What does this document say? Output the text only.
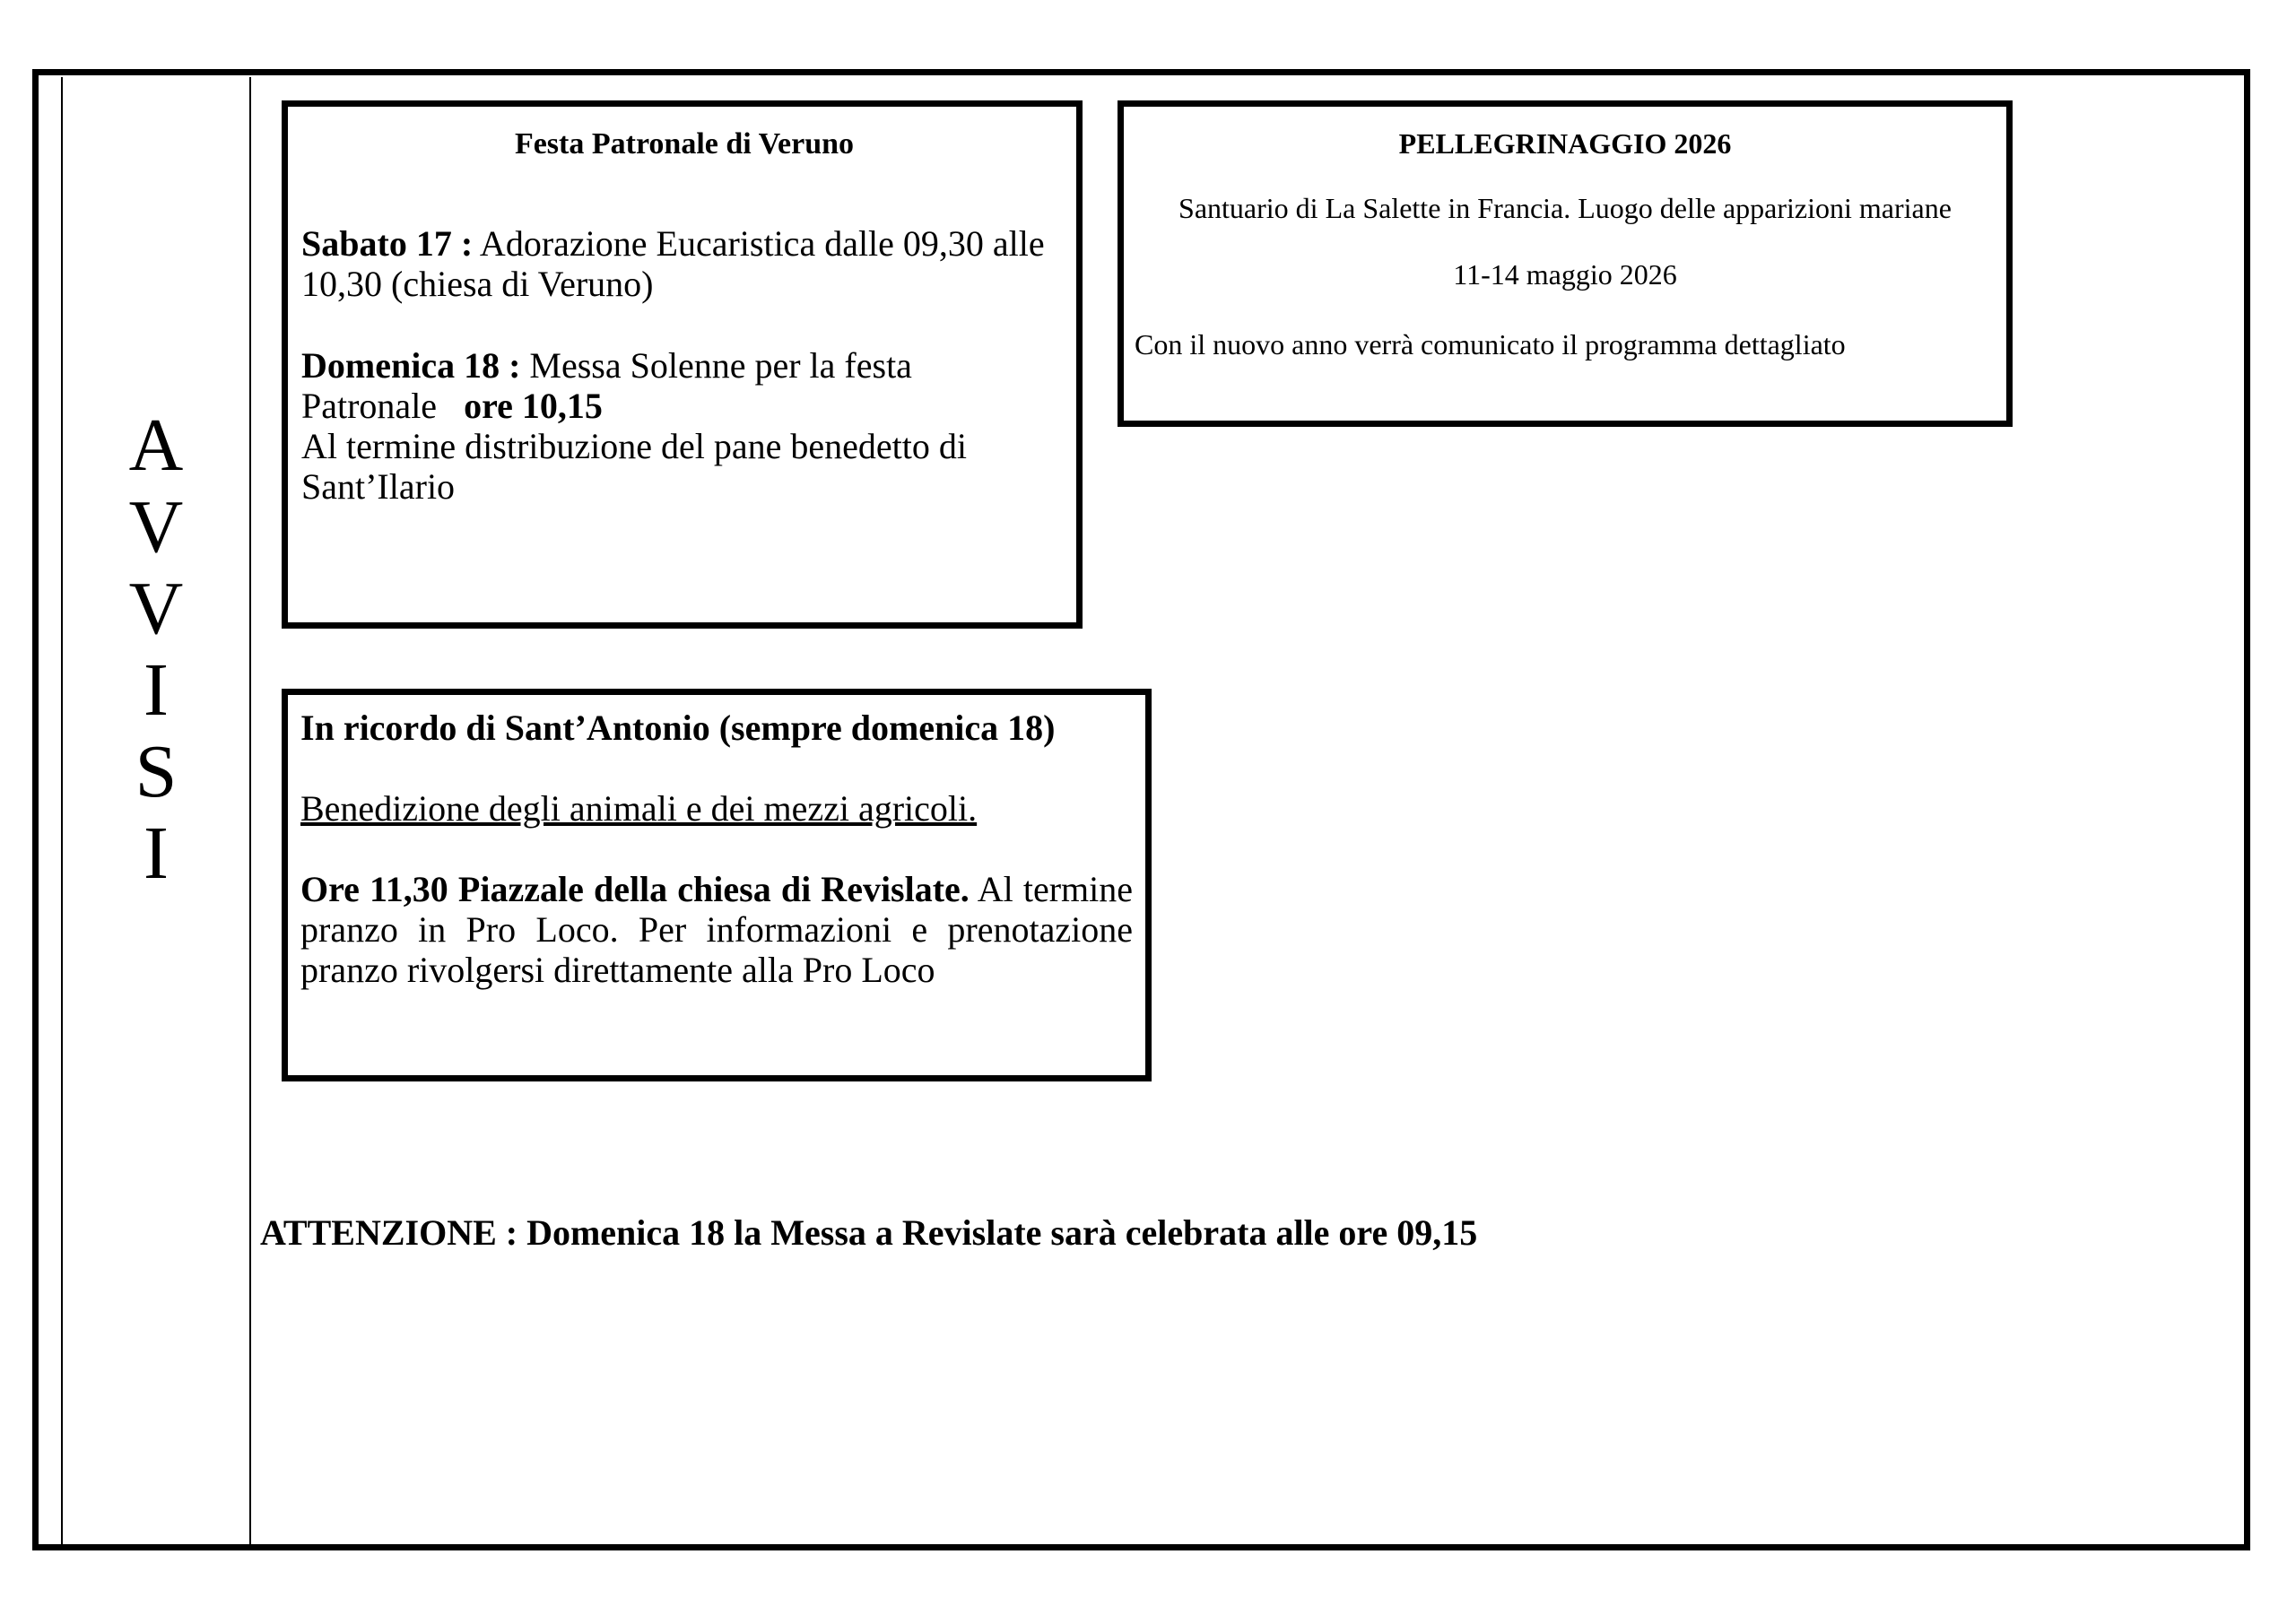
A
V
V
I
S
I

Festa Patronale di Veruno

Sabato 17 : Adorazione Eucaristica dalle 09,30 alle 10,30 (chiesa di Veruno)
Domenica 18 : Messa Solenne per la festa Patronale ore 10,15
Al termine distribuzione del pane benedetto di Sant’Ilario

PELLEGRINAGGIO 2026

Santuario di La Salette in Francia. Luogo delle apparizioni mariane

11-14 maggio 2026

Con il nuovo anno verrà comunicato il programma dettagliato

In ricordo di Sant’Antonio (sempre domenica 18)

Benedizione degli animali e dei mezzi agricoli.

Ore 11,30 Piazzale della chiesa di Revislate. Al termine pranzo in Pro Loco. Per informazioni e prenotazione pranzo rivolgersi direttamente alla Pro Loco

ATTENZIONE : Domenica 18 la Messa a Revislate sarà celebrata alle ore 09,15
